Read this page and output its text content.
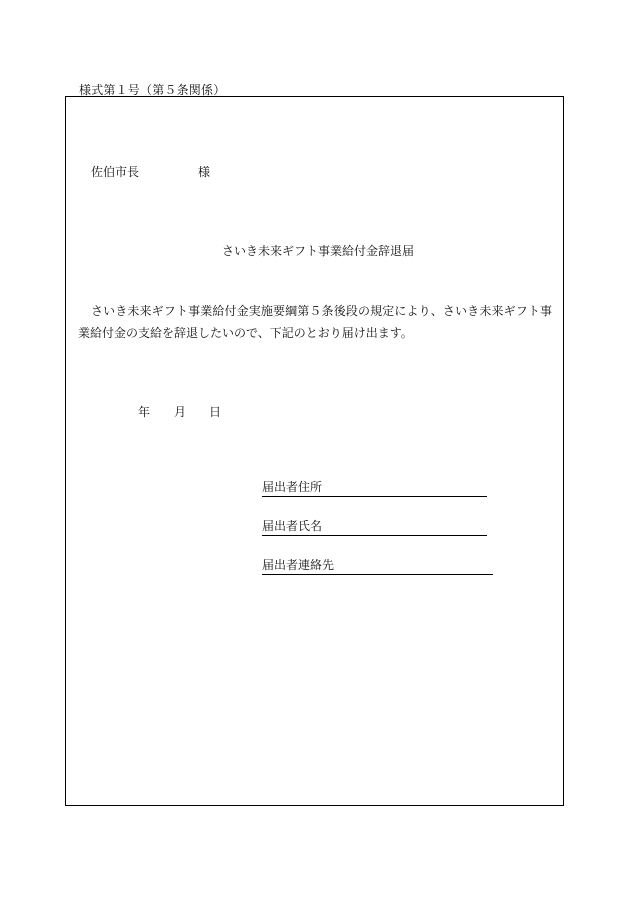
様式第１号（第５条関係）
佐伯市長	様
さいき未来ギフト事業給付金辞退届
さいき未来ギフト事業給付金実施要綱第５条後段の規定により、さいき未来ギフト事業給付金の支給を辞退したいので、下記のとおり届け出ます。
年 月 日
届出者住所
届出者氏名
届出者連絡先
